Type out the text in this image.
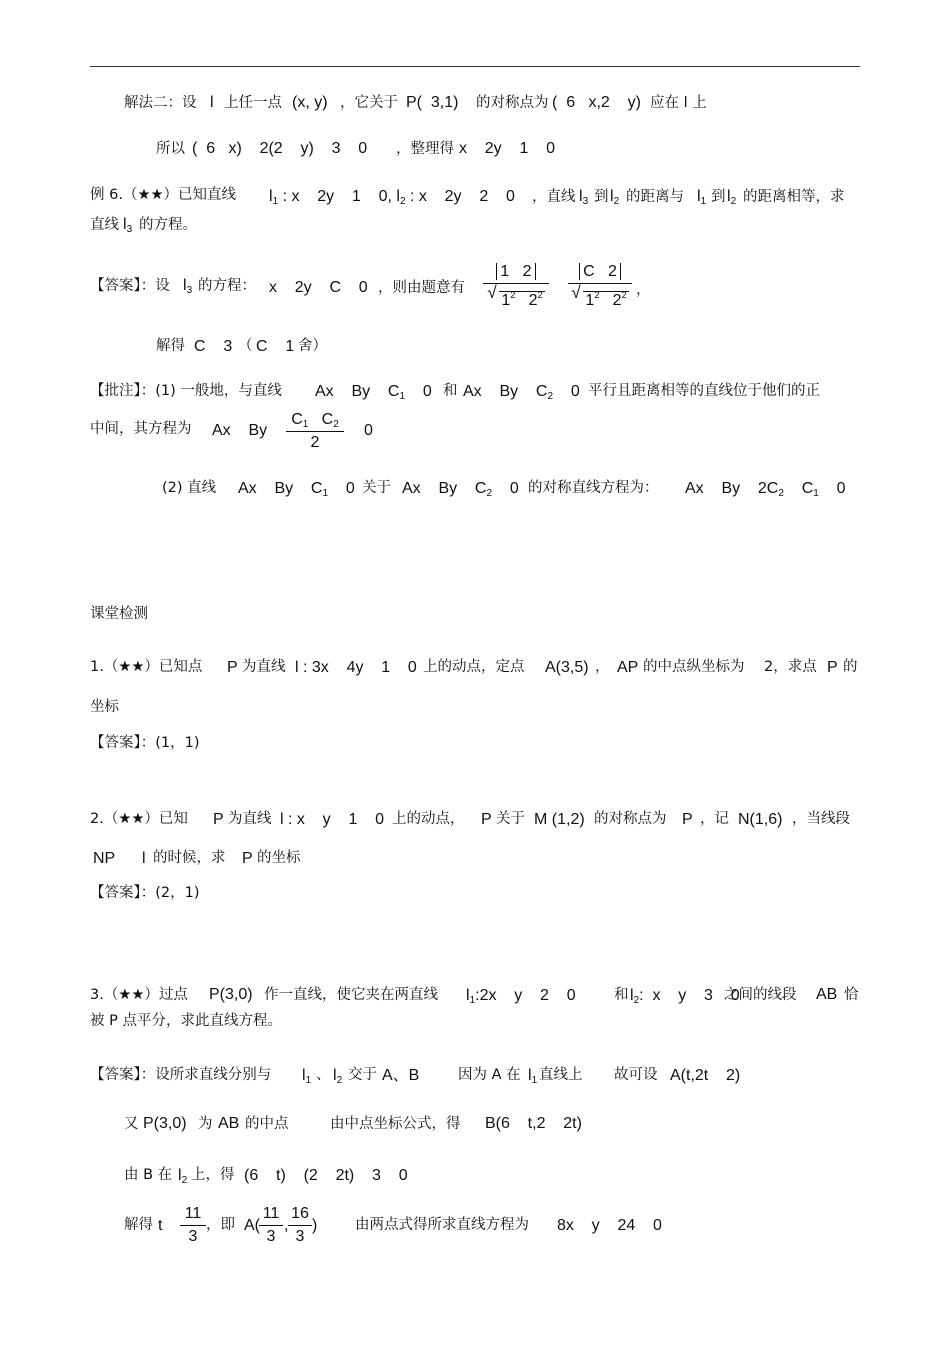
解法二：设 l 上任一点 (x, y) ，它关于 P(  3,1) 的对称点为 (  6   x,2    y) 应在 l 上
所以 (  6   x)    2(2    y)    3    0 ，整理得 x    2y    1    0
例 6.（★★）已知直线 $l_1$ : x    2y    1    0, $l_2$ : x    2y    2    0 ，直线 $l_3$ 到 $l_2$ 的距离与 $l_1$ 到 $l_2$ 的距离相等，求
直线 $l_3$ 的方程。
【答案】：设 $l_3$ 的方程： x    2y    C    0 ，则由题意有
1   2
√ $1^2$   $2^2$
C   2
√ $1^2$   $2^2$ ，
解得 C    3 （ C    1 舍）
【批注】：(1) 一般地，与直线 Ax    By    $C_1$    0 和 Ax    By    $C_2$    0 平行且距离相等的直线位于他们的正
中间，其方程为 Ax    By
$C_1$   $C_2$
2
0
(2) 直线 Ax    By    $C_1$    0 关于 Ax    By    $C_2$    0 的对称直线方程为： Ax    By    $2C_2$    $C_1$    0
课堂检测
1.（★★）已知点 P 为直线 l : 3x    4y    1    0 上的动点，定点 A(3,5) ， AP 的中点纵坐标为 2，求点 P 的
坐标
【答案】：(1，1)
2.（★★）已知 P 为直线 l : x    y    1    0 上的动点， P 关于 M (1,2) 的对称点为 P ，记 N(1,6) ，当线段
NP l 的时候，求 P 的坐标
【答案】：(2，1)
3.（★★）过点 P(3,0) 作一直线，使它夹在两直线 $l_1:2x$    y    2    0	和 $l_2$:  x    y    3    0
之间的线段 AB 恰
被 P 点平分，求此直线方程。
【答案】：设所求直线分别与 $l_1$ 、 $l_2$ 交于 A、B	因为 A 在 $l_1$ 直线上 故可设 A(t,2t    2)
又 P(3,0) 为 AB 的中点	由中点坐标公式，得 B(6    t,2    2t)
由 B 在 $l_2$ 上，得 (6    t)    (2    2t)    3    0
解得 t
11
3
，即 A(
11
3
,
16
3
)	由两点式得所求直线方程为 8x    y    24    0
